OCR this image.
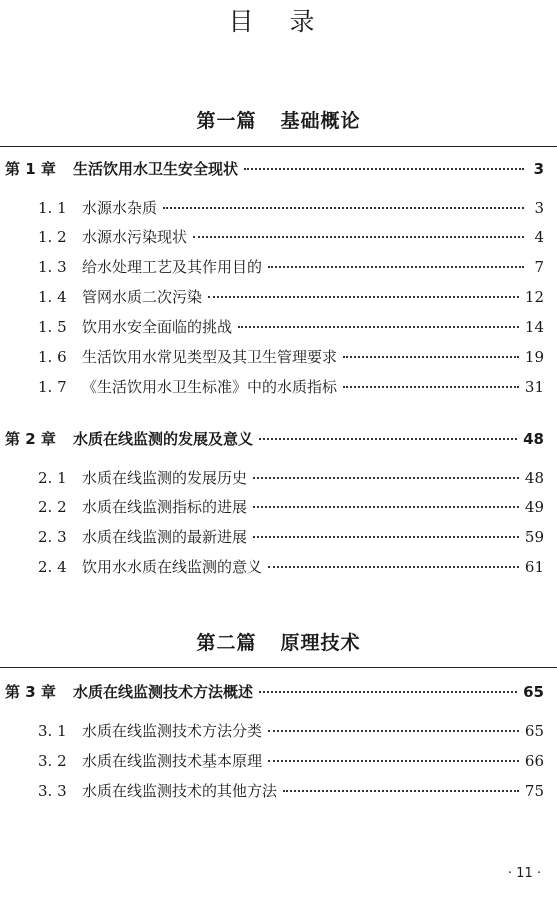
目 录
第一篇 基础概论
第 1 章	生活饮用水卫生安全现状	3
1. 1	水源水杂质	3
1. 2	水源水污染现状	4
1. 3	给水处理工艺及其作用目的	7
1. 4	管网水质二次污染	12
1. 5	饮用水安全面临的挑战	14
1. 6	生活饮用水常见类型及其卫生管理要求	19
1. 7	《生活饮用水卫生标准》中的水质指标	31
第 2 章	水质在线监测的发展及意义	48
2. 1	水质在线监测的发展历史	48
2. 2	水质在线监测指标的进展	49
2. 3	水质在线监测的最新进展	59
2. 4	饮用水水质在线监测的意义	61
第二篇 原理技术
第 3 章	水质在线监测技术方法概述	65
3. 1	水质在线监测技术方法分类	65
3. 2	水质在线监测技术基本原理	66
3. 3	水质在线监测技术的其他方法	75
· 11 ·
